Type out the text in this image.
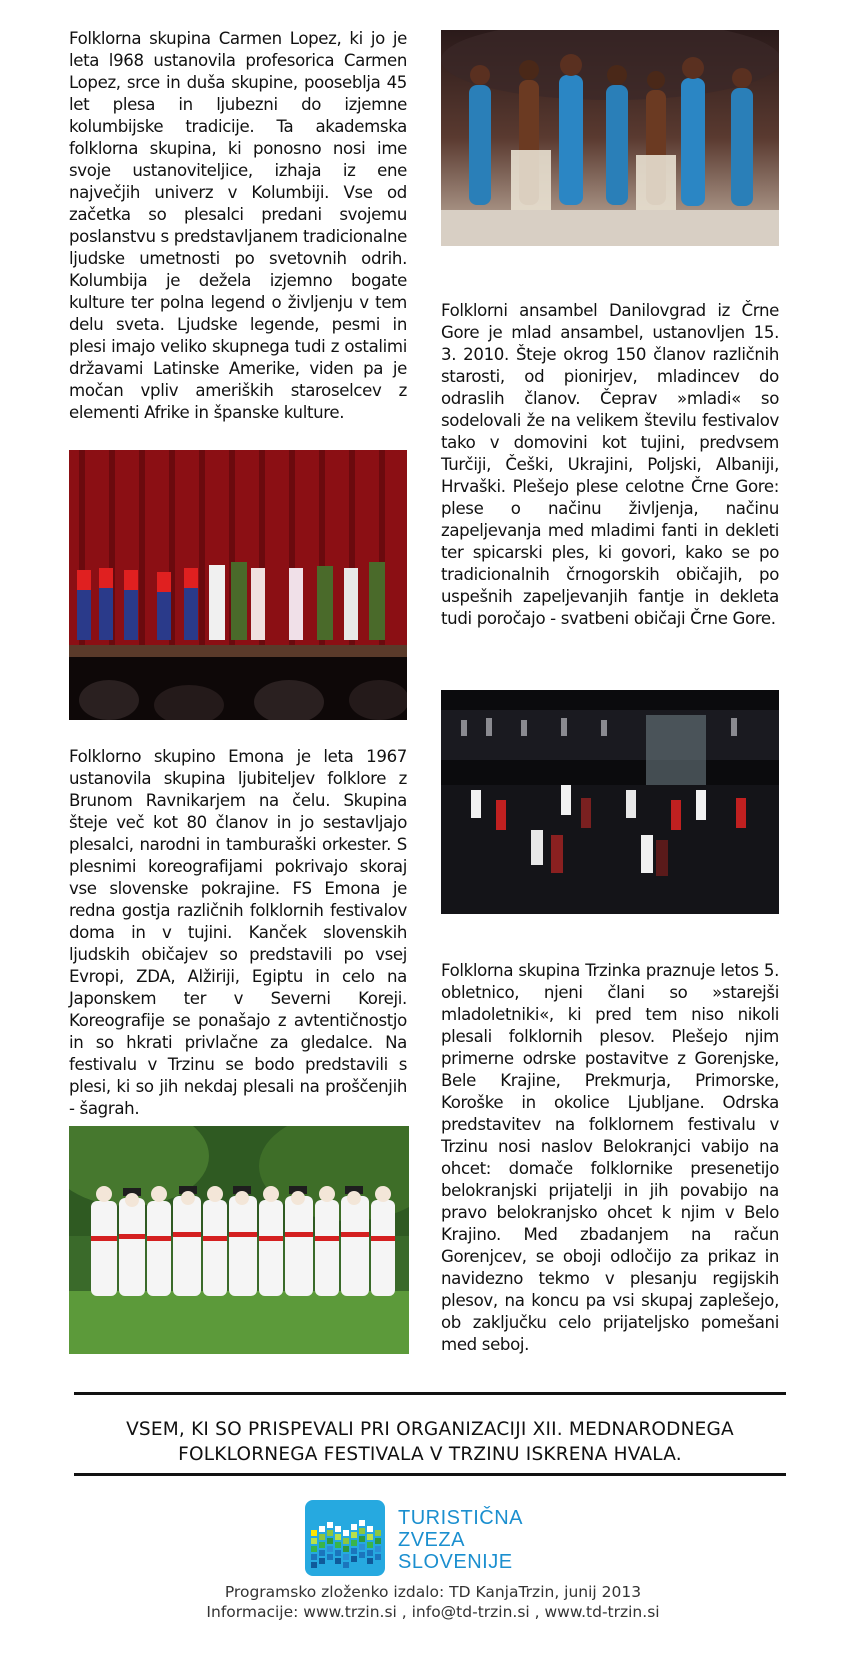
Folklorna skupina Carmen Lopez, ki jo je leta l968 ustanovila profesorica Carmen Lopez, srce in duša skupine, pooseblja 45 let plesa in ljubezni do izjemne kolumbijske tradicije. Ta akademska folklorna skupina, ki ponosno nosi ime svoje ustanoviteljice, izhaja iz ene največjih univerz v Kolumbiji. Vse od začetka so plesalci predani svojemu poslanstvu s predstavljanem tradicionalne ljudske umetnosti po svetovnih odrih. Kolumbija je dežela izjemno bogate kulture ter polna legend o življenju v tem delu sveta. Ljudske legende, pesmi in plesi imajo veliko skupnega tudi z ostalimi državami Latinske Amerike, viden pa je močan vpliv ameriških staroselcev z elementi Afrike in španske kulture.
Folklorni ansambel Danilovgrad iz Črne Gore je mlad ansambel, ustanovljen 15. 3. 2010. Šteje okrog 150 članov različnih starosti, od pionirjev, mladincev do odraslih članov. Čeprav »mladi« so sodelovali že na velikem številu festivalov tako v domovini kot tujini, predvsem Turčiji, Češki, Ukrajini, Poljski, Albaniji, Hrvaški. Plešejo plese celotne Črne Gore: plese o načinu življenja, načinu zapeljevanja med mladimi fanti in dekleti ter spicarski ples, ki govori, kako se po tradicionalnih črnogorskih običajih, po uspešnih zapeljevanjih fantje in dekleta tudi poročajo - svatbeni običaji Črne Gore.
Folklorno skupino Emona je leta 1967 ustanovila skupina ljubiteljev folklore z Brunom Ravnikarjem na čelu. Skupina šteje več kot 80 članov in jo sestavljajo plesalci, narodni in tamburaški orkester. S plesnimi koreografijami pokrivajo skoraj vse slovenske pokrajine. FS Emona je redna gostja različnih folklornih festivalov doma in v tujini. Kanček slovenskih ljudskih običajev so predstavili po vsej Evropi, ZDA, Alžiriji, Egiptu in celo na Japonskem ter v Severni Koreji. Koreografije se ponašajo z avtentičnostjo in so hkrati privlačne za gledalce. Na festivalu v Trzinu se bodo predstavili s plesi, ki so jih nekdaj plesali na proščenjih - šagrah.
Folklorna skupina Trzinka praznuje letos 5. obletnico, njeni člani so »starejši mladoletniki«, ki pred tem niso nikoli plesali folklornih plesov. Plešejo njim primerne odrske postavitve z Gorenjske, Bele Krajine, Prekmurja, Primorske, Koroške in okolice Ljubljane. Odrska predstavitev na folklornem festivalu v Trzinu nosi naslov Belokranjci vabijo na ohcet: domače folklornike presenetijo belokranjski prijatelji in jih povabijo na pravo belokranjsko ohcet k njim v Belo Krajino. Med zbadanjem na račun Gorenjcev, se oboji odločijo za prikaz in navidezno tekmo v plesanju regijskih plesov, na koncu pa vsi skupaj zaplešejo, ob zaključku celo prijateljsko pomešani med seboj.
VSEM, KI SO PRISPEVALI PRI ORGANIZACIJI XII. MEDNARODNEGA
FOLKLORNEGA FESTIVALA V TRZINU ISKRENA HVALA.
TURISTIČNA
ZVEZA
SLOVENIJE
Programsko zloženko izdalo: TD KanjaTrzin, junij 2013
Informacije: www.trzin.si , info@td-trzin.si , www.td-trzin.si
